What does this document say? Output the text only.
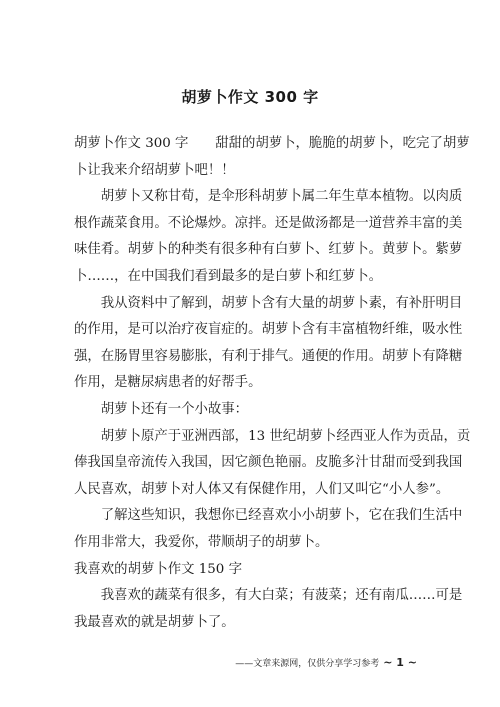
胡萝卜作文 300 字
胡萝卜作文 300 字　　甜甜的胡萝卜，脆脆的胡萝卜，吃完了胡萝
卜让我来介绍胡萝卜吧！！
　　胡萝卜又称甘荀，是伞形科胡萝卜属二年生草本植物。以肉质
根作蔬菜食用。不论爆炒。凉拌。还是做汤都是一道营养丰富的美
味佳肴。胡萝卜的种类有很多种有白萝卜、红萝卜。黄萝卜。紫萝
卜……，在中国我们看到最多的是白萝卜和红萝卜。
　　我从资料中了解到，胡萝卜含有大量的胡萝卜素，有补肝明目
的作用，是可以治疗夜盲症的。胡萝卜含有丰富植物纤维，吸水性
强，在肠胃里容易膨胀，有利于排气。通便的作用。胡萝卜有降糖
作用，是糖尿病患者的好帮手。
　　胡萝卜还有一个小故事：
　　胡萝卜原产于亚洲西部，13 世纪胡萝卜经西亚人作为贡品，贡
俸我国皇帝流传入我国，因它颜色艳丽。皮脆多汁甘甜而受到我国
人民喜欢，胡萝卜对人体又有保健作用，人们又叫它“小人参”。
　　了解这些知识，我想你已经喜欢小小胡萝卜，它在我们生活中
作用非常大，我爱你，带顺胡子的胡萝卜。
我喜欢的胡萝卜作文 150 字
　　我喜欢的蔬菜有很多，有大白菜；有菠菜；还有南瓜……可是
我最喜欢的就是胡萝卜了。
——文章来源网，仅供分享学习参考 ~ 1 ~
